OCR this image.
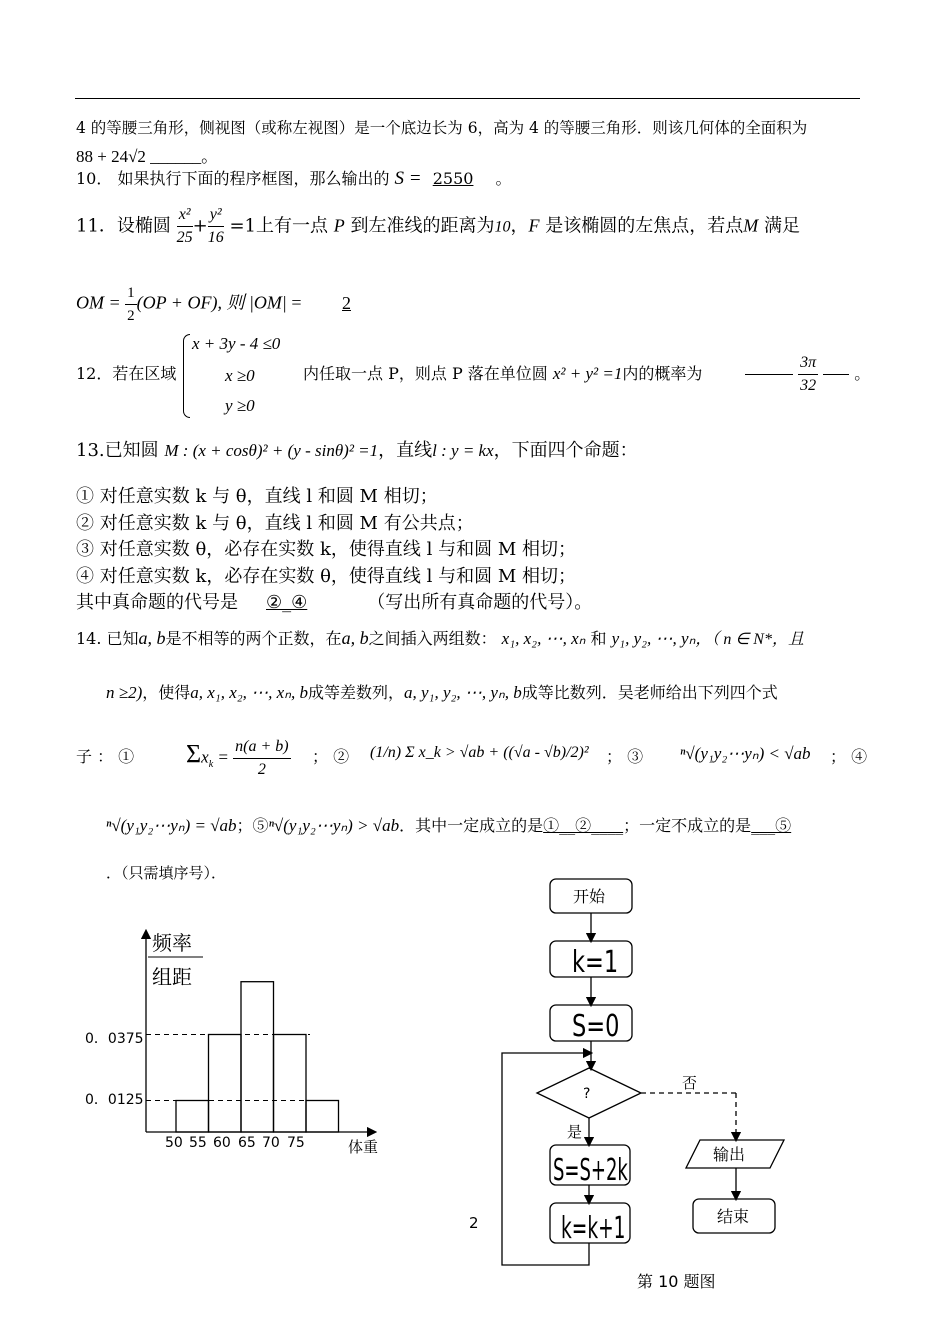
4 的等腰三角形，侧视图（或称左视图）是一个底边长为 6，高为 4 的等腰三角形．则该几何体的全面积为
88 + 24√2 ______。
10． 如果执行下面的程序框图，那么输出的 S = 2550 。
11．设椭圆 $\frac{\text{x²}}{25} + \frac{\text{y²}}{16} =1$上有一点 P 到左准线的距离为10，F 是该椭圆的左焦点，若点M 满足
OM = $\frac{1}{2} (OP + OF)$, 则 |OM| = 2
12．若在区域
x + 3y - 4 ≤0
x ≥0
y ≥0
内任取一点 P，则点 P 落在单位圆 x² + y² =1内的概率为
	$\frac{3\pi}{32}$ 。
13.已知圆 M : (x + cosθ)² + (y - sinθ)² =1，直线l : y = kx，下面四个命题：
① 对任意实数 k 与 θ，直线 l 和圆 M 相切；
② 对任意实数 k 与 θ，直线 l 和圆 M 有公共点；
③ 对任意实数 θ，必存在实数 k，使得直线 l 与和圆 M 相切；
④ 对任意实数 k，必存在实数 θ，使得直线 l 与和圆 M 相切；
其中真命题的代号是 ②_④	（写出所有真命题的代号）。
14. 已知a, b是不相等的两个正数，在a, b之间插入两组数： x₁, x₂, ⋯, xₙ 和 y₁, y₂, ⋯, yₙ，（ n ∈ N*，且
n ≥2)，使得a, x₁, x₂, ⋯, xₙ, b成等差数列，a, y₁, y₂, ⋯, yₙ, b成等比数列．吴老师给出下列四个式
子 ： ① $\Sigma x_k = \frac{n(a + b)}{2}$ ； ② (1/n) Σ x_k > √ab + ((√a - √b)/2)² ； ③ ⁿ√(y₁y₂⋯yₙ) < √ab ； ④
ⁿ√(y₁y₂⋯yₙ) = √ab；⑤ⁿ√(y₁y₂⋯yₙ) > √ab．其中一定成立的是①__②____；一定不成立的是___⑤
．（只需填序号）．
频率
组距
0．0375
0．0125
50 55 60 65 70 75	体重
开始
k=1
S=0
?
否
是
S=S+2k
k=k+1
输出
结束
第 10 题图
2
